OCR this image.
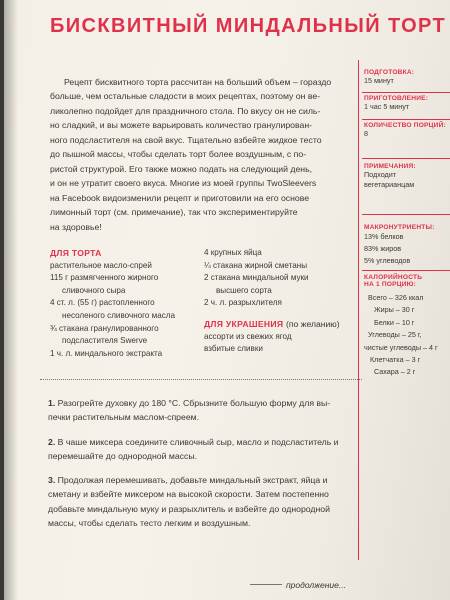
БИСКВИТНЫЙ МИНДАЛЬНЫЙ ТОРТ
Рецепт бисквитного торта рассчитан на больший объем – гораздо
больше, чем остальные сладости в моих рецептах, поэтому он ве-
ликолепно подойдет для праздничного стола. По вкусу он не силь-
но сладкий, и вы можете варьировать количество гранулирован-
ного подсластителя на свой вкус. Тщательно взбейте жидкое тесто
до пышной массы, чтобы сделать торт более воздушным, с по-
ристой структурой. Его также можно подать на следующий день,
и он не утратит своего вкуса. Многие из моей группы TwoSleevers
на Facebook видоизменили рецепт и приготовили на его основе
лимонный торт (см. примечание), так что экспериментируйте
на здоровье!
ПОДГОТОВКА:
15 минут
ПРИГОТОВЛЕНИЕ:
1 час 5 минут
КОЛИЧЕСТВО ПОРЦИЙ:
8
ПРИМЕЧАНИЯ:
Подходит
вегетарианцам
МАКРОНУТРИЕНТЫ:
13% белков
83% жиров
5% углеводов
КАЛОРИЙНОСТЬ
НА 1 ПОРЦИЮ:
Всего – 326 ккал
Жиры – 30 г
Белки – 10 г
Углеводы – 25 г,
чистые углеводы – 4 г
Клетчатка – 3 г
Сахара – 2 г
ДЛЯ ТОРТА
растительное масло-спрей
115 г размягченного жирного
сливочного сыра
4 ст. л. (55 г) растопленного
несоленого сливочного масла
¾ стакана гранулированного
подсластителя Swerve
1 ч. л. миндального экстракта
4 крупных яйца
¼ стакана жирной сметаны
2 стакана миндальной муки
высшего сорта
2 ч. л. разрыхлителя
ДЛЯ УКРАШЕНИЯ (по желанию)
ассорти из свежих ягод
взбитые сливки

1. Разогрейте духовку до 180 °С. Сбрызните большую форму для вы- печки растительным маслом-спреем.

2. В чаше миксера соедините сливочный сыр, масло и подсластитель и перемешайте до однородной массы.

3. Продолжая перемешивать, добавьте миндальный экстракт, яйца и сметану и взбейте миксером на высокой скорости. Затем постепенно добавьте миндальную муку и разрыхлитель и взбейте до однородной массы, чтобы сделать тесто легким и воздушным.

продолжение...
